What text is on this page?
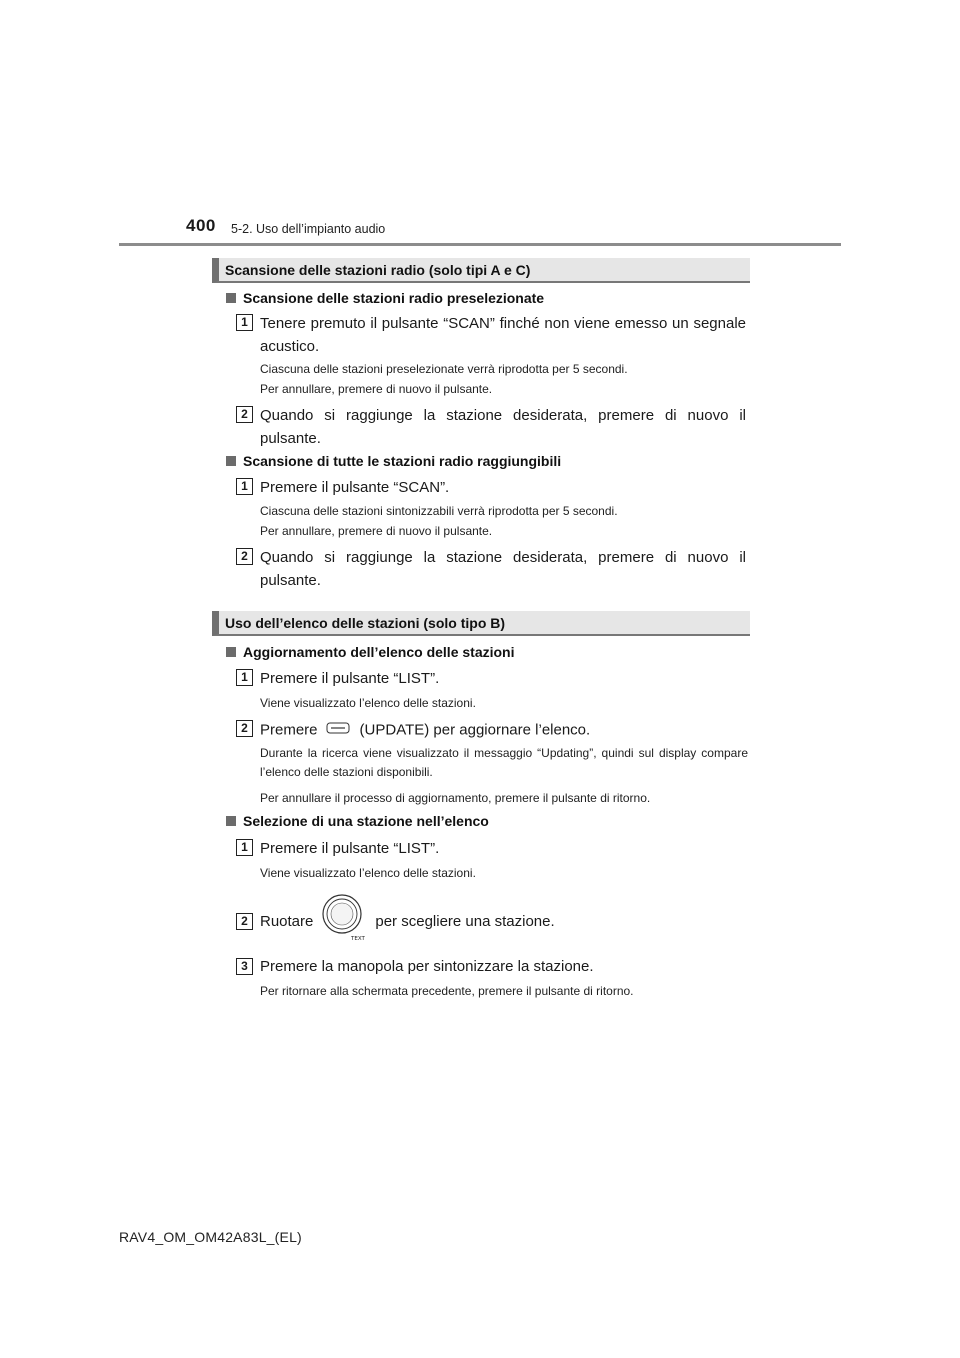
400 5-2. Uso dell’impianto audio
Scansione delle stazioni radio (solo tipi A e C)
Scansione delle stazioni radio preselezionate
1 Tenere premuto il pulsante “SCAN” finché non viene emesso un segnale acustico.
Ciascuna delle stazioni preselezionate verrà riprodotta per 5 secondi.
Per annullare, premere di nuovo il pulsante.
2 Quando si raggiunge la stazione desiderata, premere di nuovo il pulsante.
Scansione di tutte le stazioni radio raggiungibili
1 Premere il pulsante “SCAN”.
Ciascuna delle stazioni sintonizzabili verrà riprodotta per 5 secondi.
Per annullare, premere di nuovo il pulsante.
2 Quando si raggiunge la stazione desiderata, premere di nuovo il pulsante.
Uso dell’elenco delle stazioni (solo tipo B)
Aggiornamento dell’elenco delle stazioni
1 Premere il pulsante “LIST”.
Viene visualizzato l’elenco delle stazioni.
2 Premere	(UPDATE) per aggiornare l’elenco.
Durante la ricerca viene visualizzato il messaggio “Updating”, quindi sul display compare l’elenco delle stazioni disponibili.
Per annullare il processo di aggiornamento, premere il pulsante di ritorno.
Selezione di una stazione nell’elenco
1 Premere il pulsante “LIST”.
Viene visualizzato l’elenco delle stazioni.
2 Ruotare	per scegliere una stazione.
TEXT
3 Premere la manopola per sintonizzare la stazione.
Per ritornare alla schermata precedente, premere il pulsante di ritorno.
RAV4_OM_OM42A83L_(EL)
